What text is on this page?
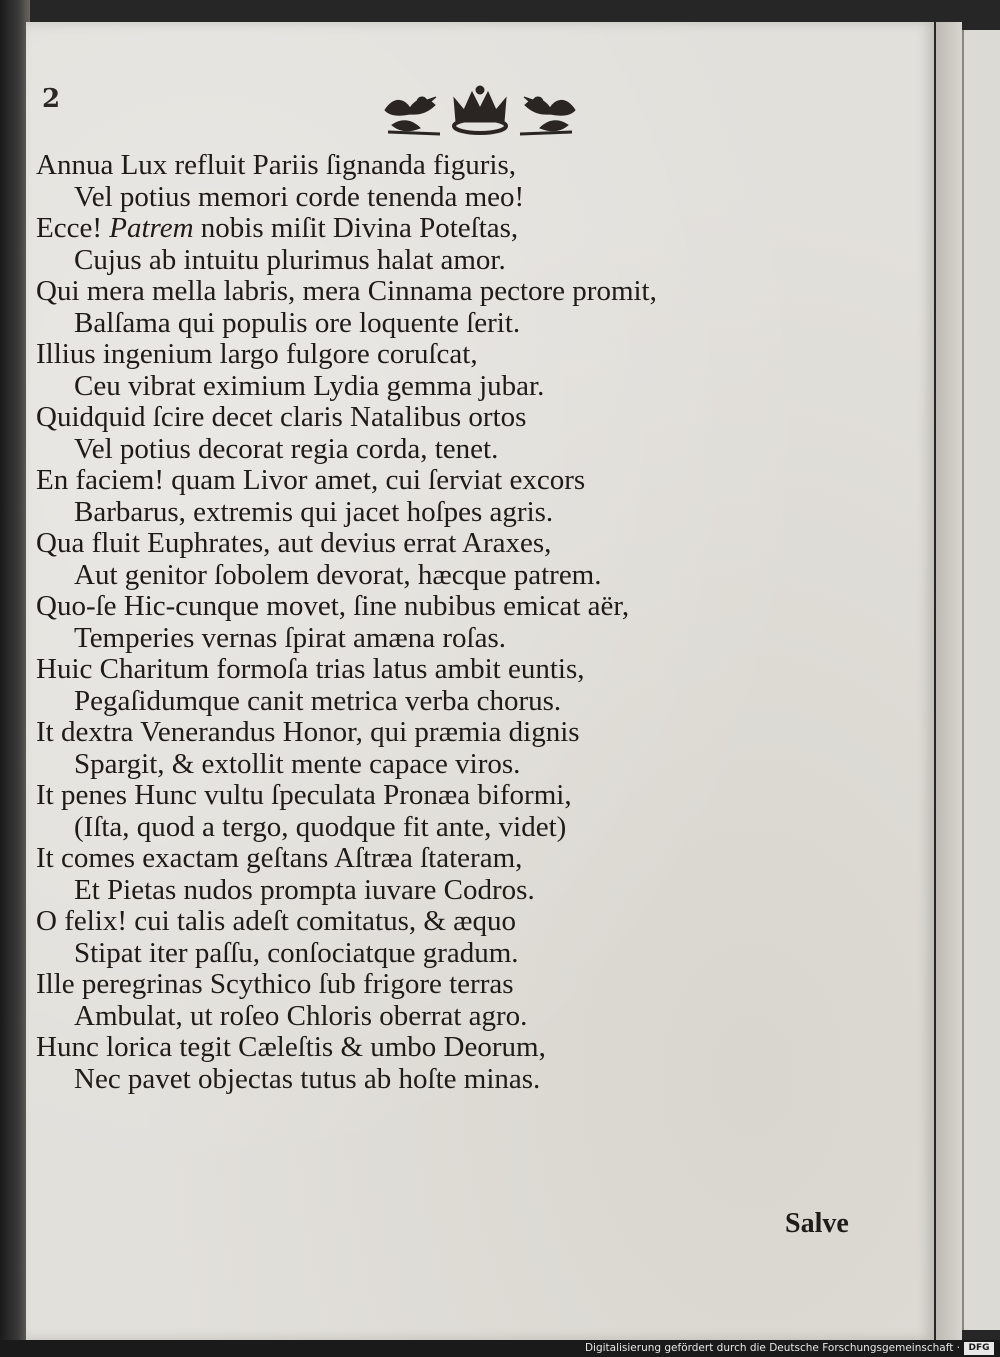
2
Annua Lux refluit Pariis ſignanda figuris,
Vel potius memori corde tenenda meo!
Ecce! Patrem nobis miſit Divina Poteſtas,
Cujus ab intuitu plurimus halat amor.
Qui mera mella labris, mera Cinnama pectore promit,
Balſama qui populis ore loquente ſerit.
Illius ingenium largo fulgore coruſcat,
Ceu vibrat eximium Lydia gemma jubar.
Quidquid ſcire decet claris Natalibus ortos
Vel potius decorat regia corda, tenet.
En faciem! quam Livor amet, cui ſerviat excors
Barbarus, extremis qui jacet hoſpes agris.
Qua fluit Euphrates, aut devius errat Araxes,
Aut genitor ſobolem devorat, hæcque patrem.
Quo-ſe Hic-cunque movet, ſine nubibus emicat aër,
Temperies vernas ſpirat amæna roſas.
Huic Charitum formoſa trias latus ambit euntis,
Pegaſidumque canit metrica verba chorus.
It dextra Venerandus Honor, qui præmia dignis
Spargit, & extollit mente capace viros.
It penes Hunc vultu ſpeculata Pronæa biformi,
(Iſta, quod a tergo, quodque fit ante, videt)
It comes exactam geſtans Aſtræa ſtateram,
Et Pietas nudos prompta iuvare Codros.
O felix! cui talis adeſt comitatus, & æquo
Stipat iter paſſu, conſociatque gradum.
Ille peregrinas Scythico ſub frigore terras
Ambulat, ut roſeo Chloris oberrat agro.
Hunc lorica tegit Cæleſtis & umbo Deorum,
Nec pavet objectas tutus ab hoſte minas.
Salve
Digitalisierung gefördert durch die Deutsche Forschungsgemeinschaft · DFG
